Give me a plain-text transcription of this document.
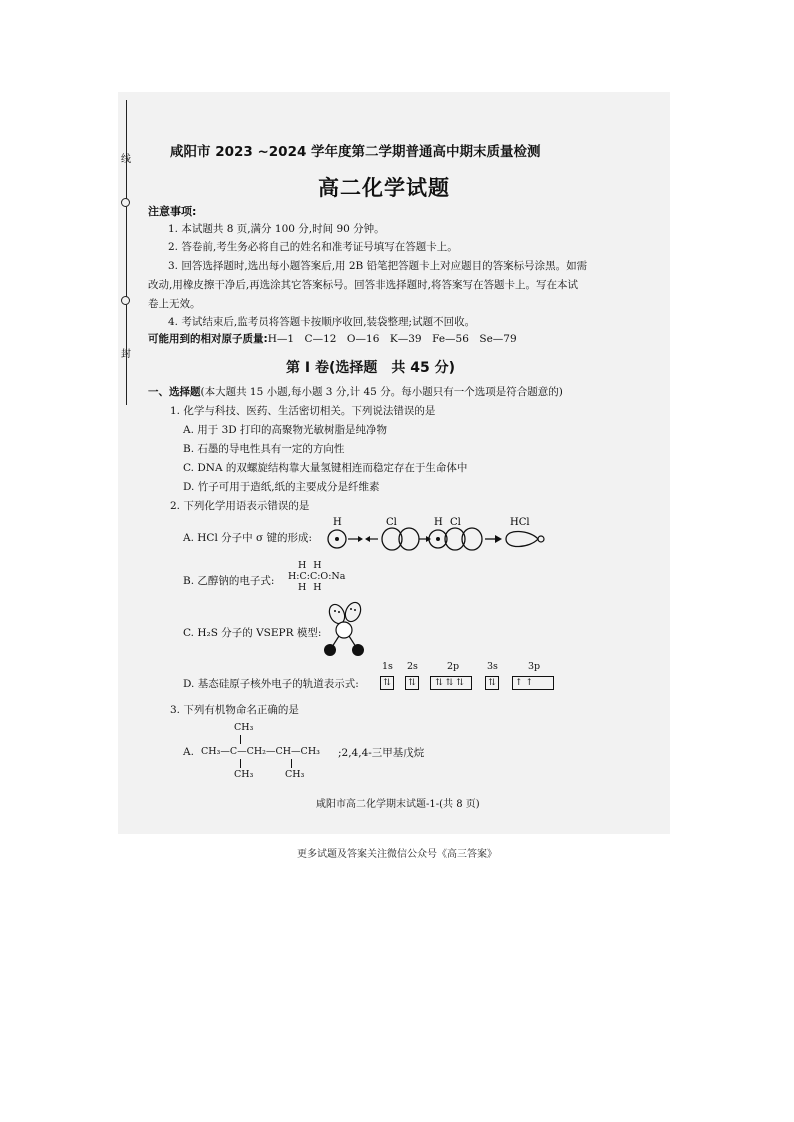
线
封
咸阳市 2023 ~2024 学年度第二学期普通高中期末质量检测
高二化学试题
注意事项:
1. 本试题共 8 页,满分 100 分,时间 90 分钟。
2. 答卷前,考生务必将自己的姓名和准考证号填写在答题卡上。
3. 回答选择题时,选出每小题答案后,用 2B 铅笔把答题卡上对应题目的答案标号涂黑。如需
改动,用橡皮擦干净后,再选涂其它答案标号。回答非选择题时,将答案写在答题卡上。写在本试
卷上无效。
4. 考试结束后,监考员将答题卡按顺序收回,装袋整理;试题不回收。
可能用到的相对原子质量:H—1　C—12　O—16　K—39　Fe—56　Se—79
第 Ⅰ 卷(选择题　共 45 分)
一、选择题(本大题共 15 小题,每小题 3 分,计 45 分。每小题只有一个选项是符合题意的)
1. 化学与科技、医药、生活密切相关。下列说法错误的是
A. 用于 3D 打印的高聚物光敏树脂是纯净物
B. 石墨的导电性具有一定的方向性
C. DNA 的双螺旋结构靠大量氢键相连而稳定存在于生命体中
D. 竹子可用于造纸,纸的主要成分是纤维素
2. 下列化学用语表示错误的是
A. HCl 分子中 σ 键的形成:
H	Cl	H Cl	HCl
B. 乙醇钠的电子式:
H H
H:C:C:O:Na
H H
C. H₂S 分子的 VSEPR 模型:
D. 基态硅原子核外电子的轨道表示式:
1s 2s	2p	3s	3p
⇅	⇅	⇅⇅⇅	⇅	↑↑
3. 下列有机物命名正确的是
A.
CH₃
CH₃—C—CH₂—CH—CH₃
CH₃	CH₃
;2,4,4-三甲基戊烷
咸阳市高二化学期末试题-1-(共 8 页)
更多试题及答案关注微信公众号《高三答案》
